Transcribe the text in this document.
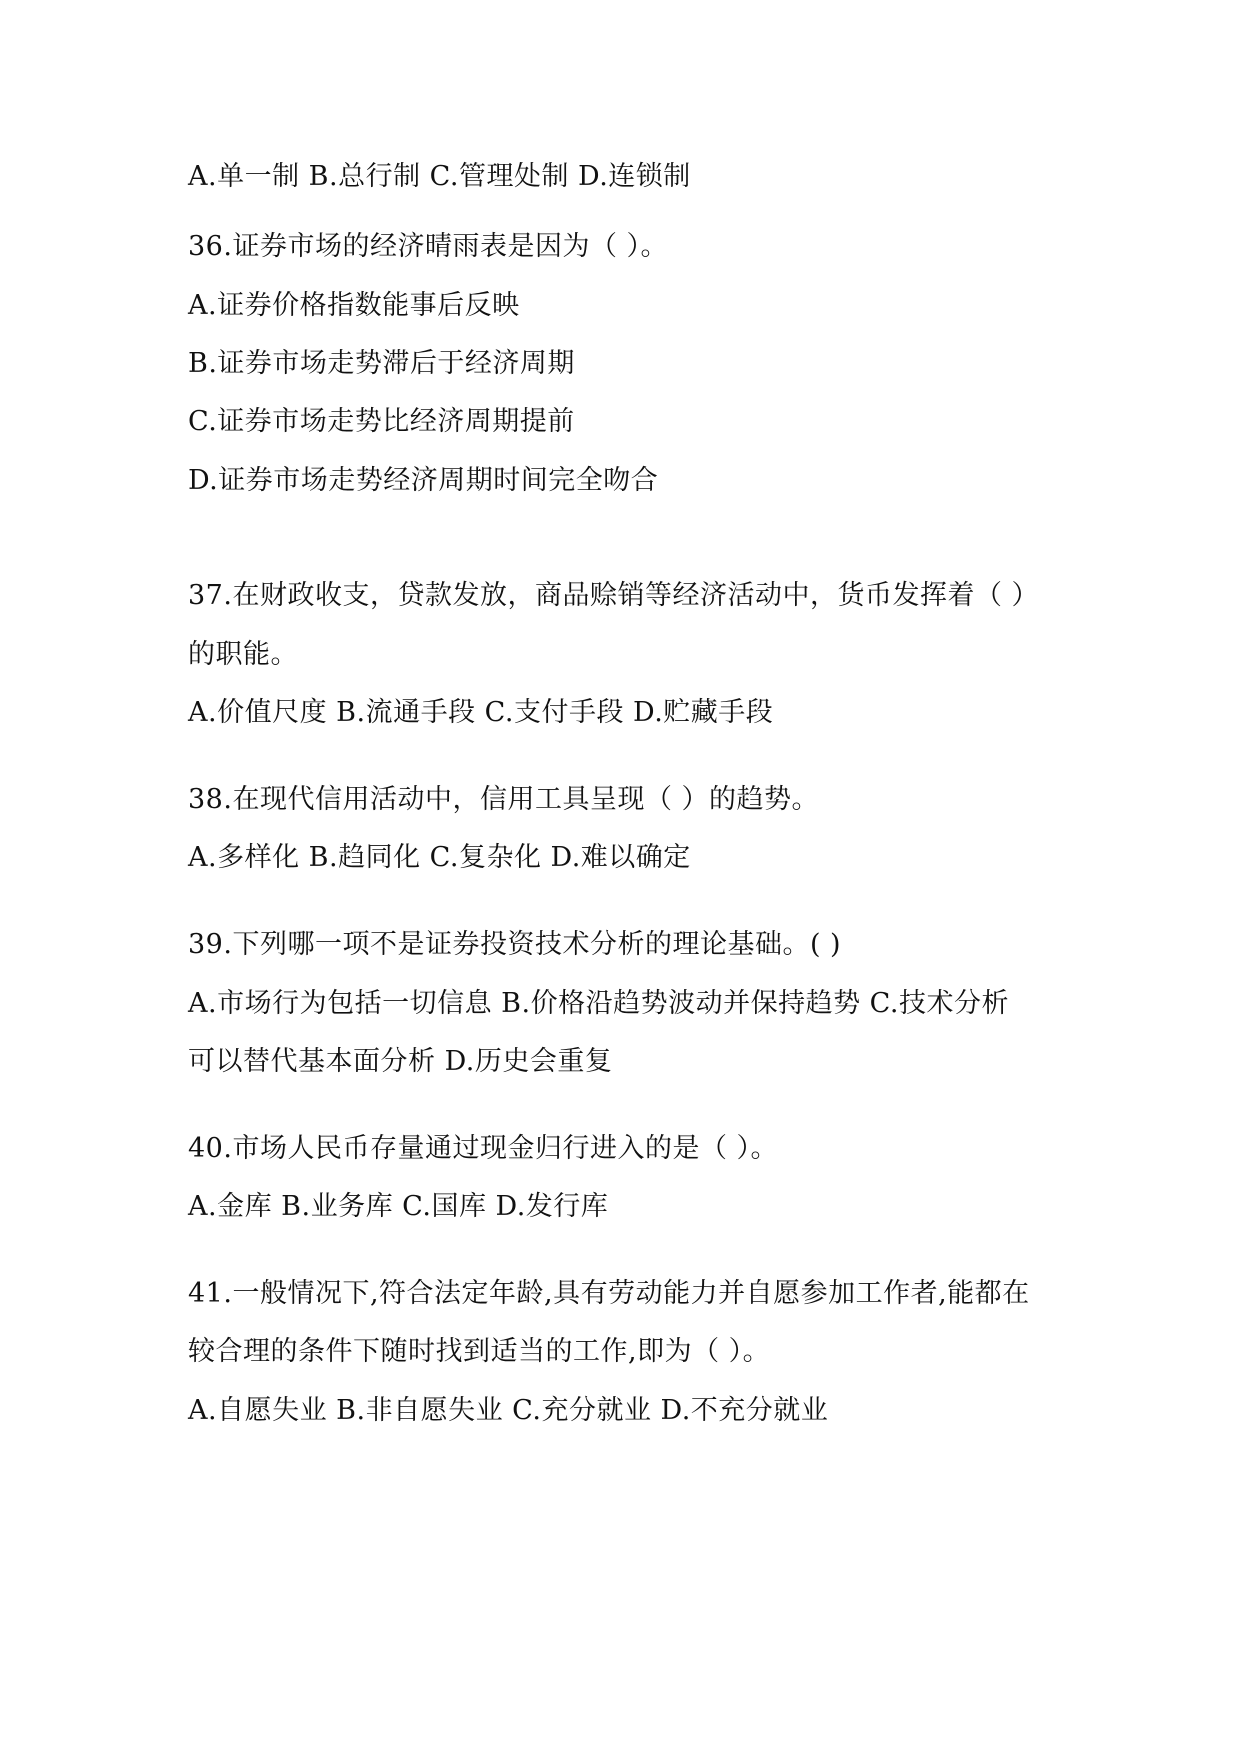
A.单一制 B.总行制 C.管理处制 D.连锁制
36.证券市场的经济晴雨表是因为（ ）。
A.证券价格指数能事后反映
B.证券市场走势滞后于经济周期
C.证券市场走势比经济周期提前
D.证券市场走势经济周期时间完全吻合
37.在财政收支，贷款发放，商品赊销等经济活动中，货币发挥着（ ）
的职能。
A.价值尺度 B.流通手段 C.支付手段 D.贮藏手段
38.在现代信用活动中，信用工具呈现（ ）的趋势。
A.多样化 B.趋同化 C.复杂化 D.难以确定
39.下列哪一项不是证券投资技术分析的理论基础。( )
A.市场行为包括一切信息 B.价格沿趋势波动并保持趋势 C.技术分析
可以替代基本面分析 D.历史会重复
40.市场人民币存量通过现金归行进入的是（ ）。
A.金库 B.业务库 C.国库 D.发行库
41.一般情况下,符合法定年龄,具有劳动能力并自愿参加工作者,能都在
较合理的条件下随时找到适当的工作,即为（ ）。
A.自愿失业 B.非自愿失业 C.充分就业 D.不充分就业
